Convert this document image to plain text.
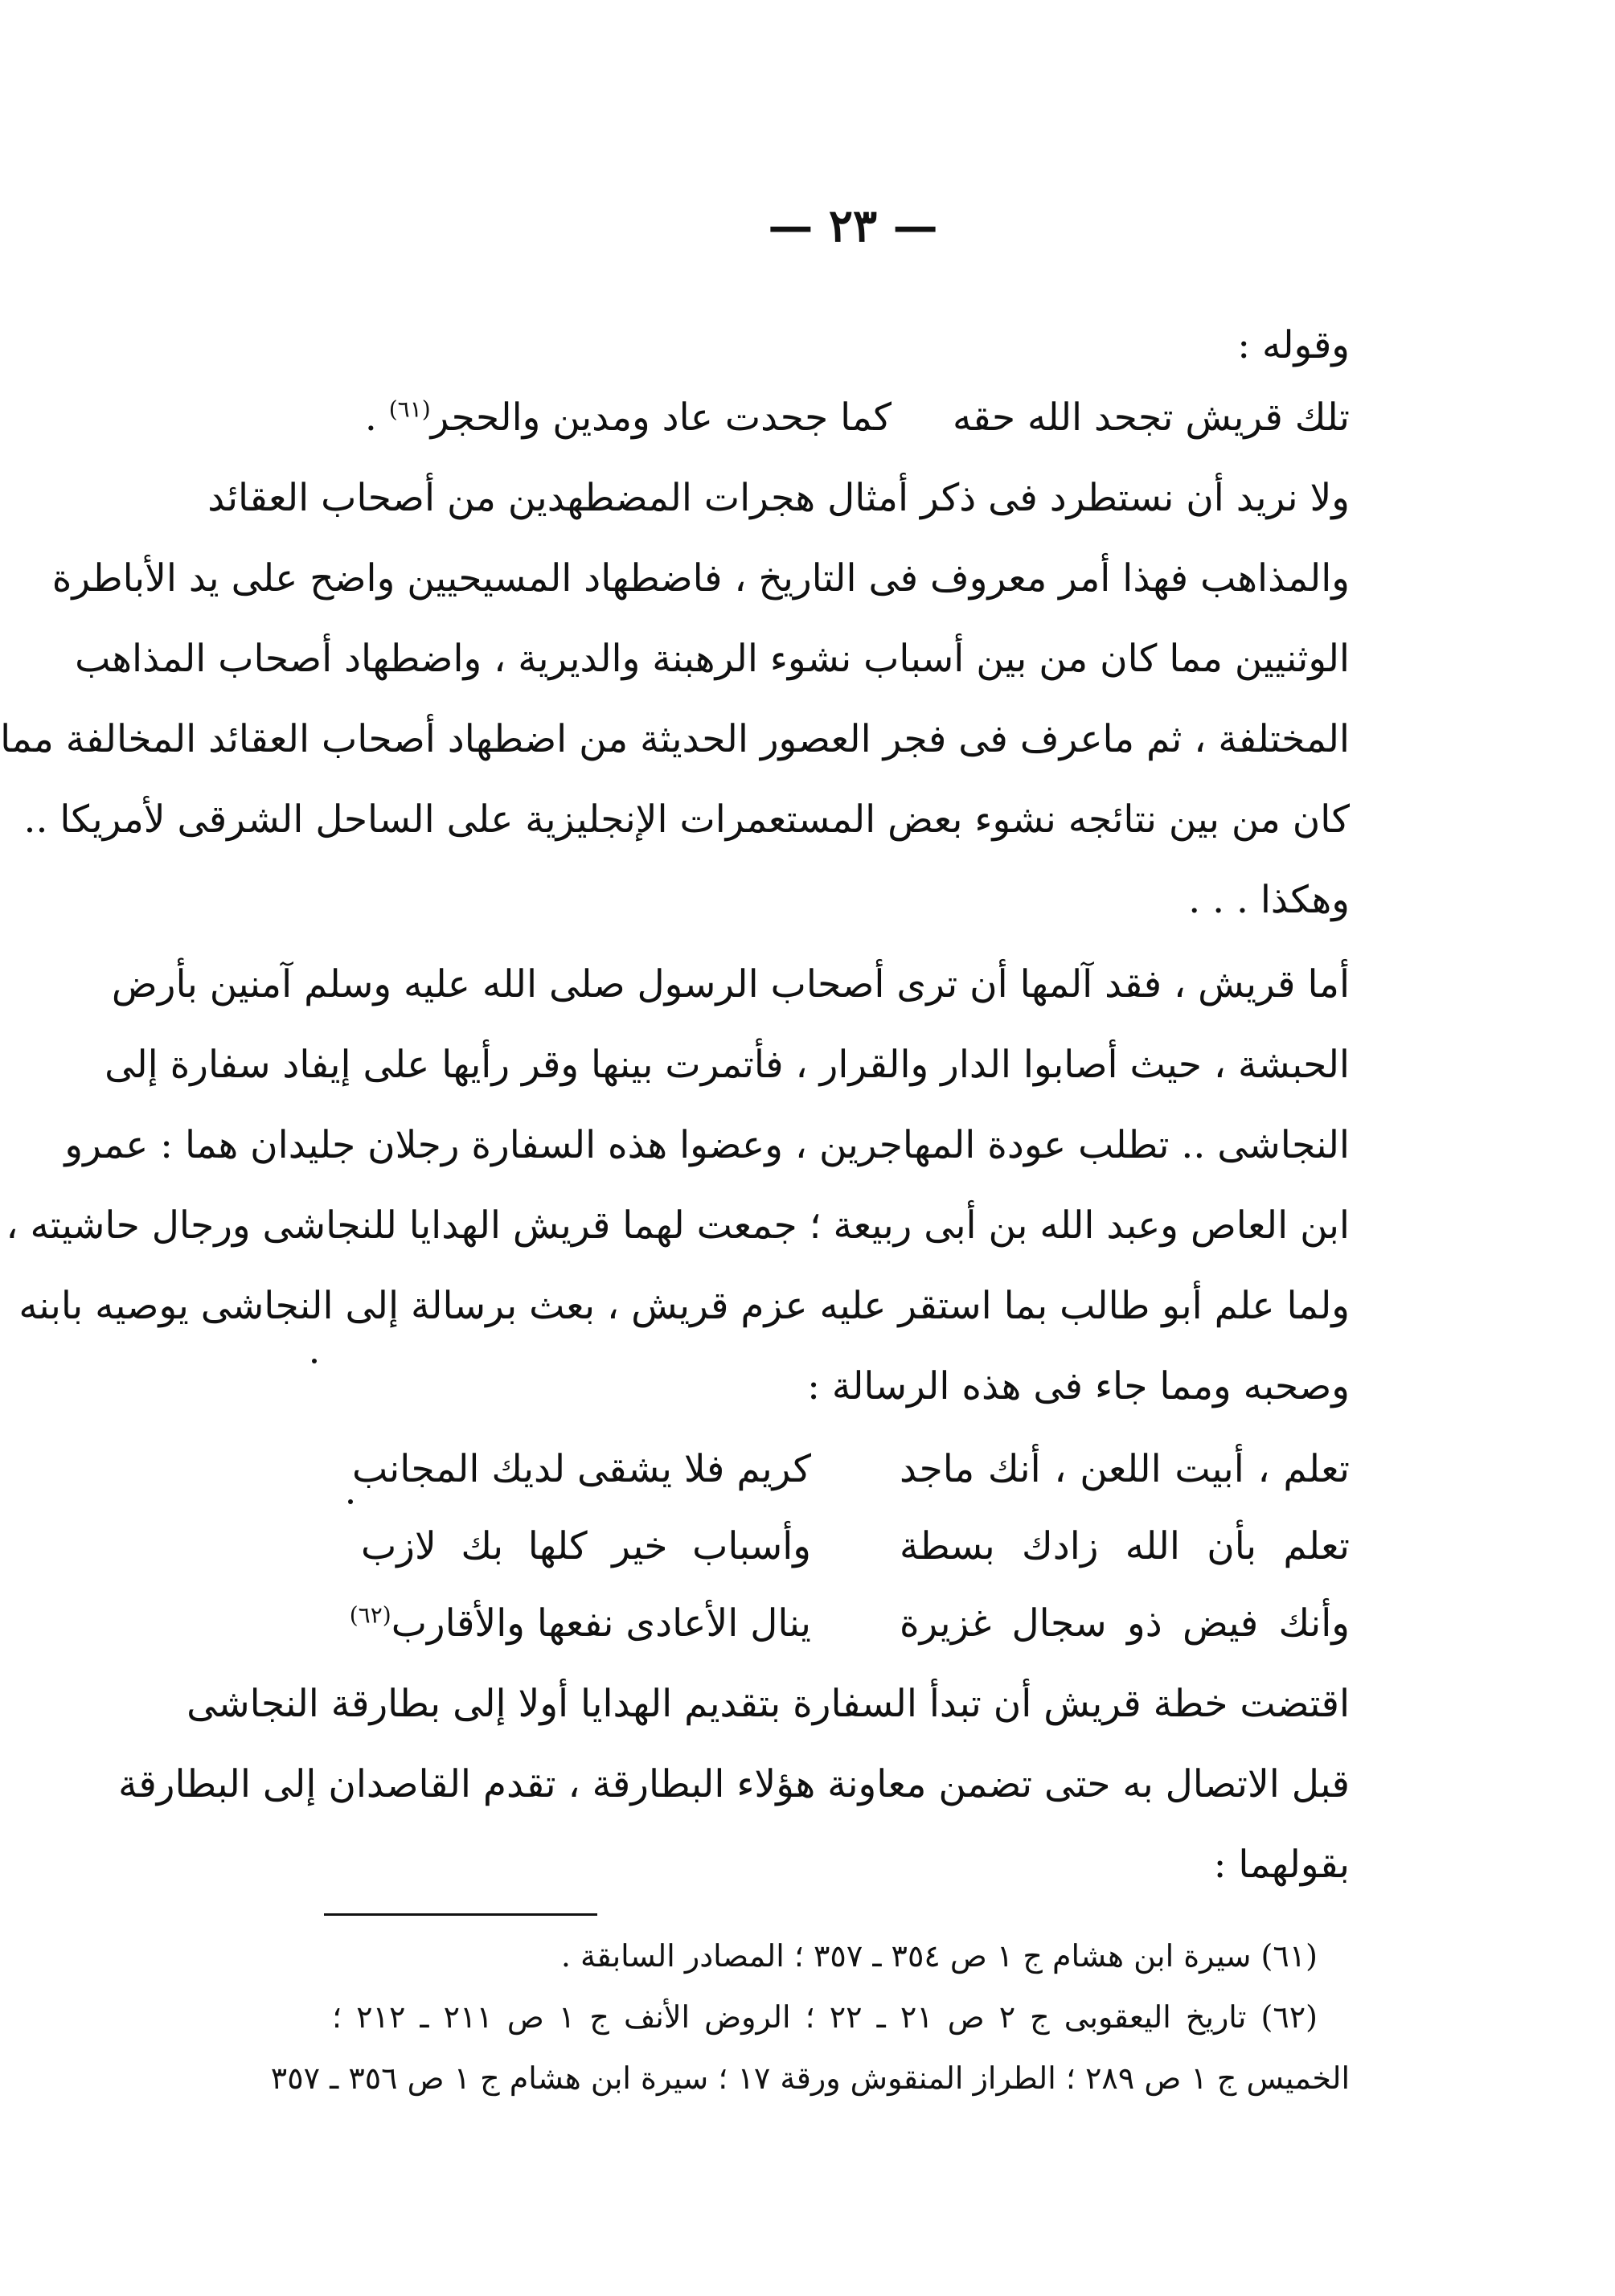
— ٢٣ —
وقوله :
تلك قريش تجحد الله حقه
كما جحدت عاد ومدين والحجر$^{(٦١)}$ .
ولا نريد أن نستطرد فى ذكر أمثال هجرات المضطهدين من أصحاب العقائد
والمذاهب فهذا أمر معروف فى التاريخ ، فاضطهاد المسيحيين واضح على يد الأباطرة
الوثنيين مما كان من بين أسباب نشوء الرهبنة والديرية ، واضطهاد أصحاب المذاهب
المختلفة ، ثم ماعرف فى فجر العصور الحديثة من اضطهاد أصحاب العقائد المخالفة مما
كان من بين نتائجه نشوء بعض المستعمرات الإنجليزية على الساحل الشرقى لأمريكا ..
وهكذا . . .
أما قريش ، فقد آلمها أن ترى أصحاب الرسول صلى الله عليه وسلم آمنين بأرض
الحبشة ، حيث أصابوا الدار والقرار ، فأتمرت بينها وقر رأيها على إيفاد سفارة إلى
النجاشى .. تطلب عودة المهاجرين ، وعضوا هذه السفارة رجلان جليدان هما : عمرو
ابن العاص وعبد الله بن أبى ربيعة ؛ جمعت لهما قريش الهدايا للنجاشى ورجال حاشيته ،
ولما علم أبو طالب بما استقر عليه عزم قريش ، بعث برسالة إلى النجاشى يوصيه بابنه
وصحبه ومما جاء فى هذه الرسالة :
تعلم ، أبيت اللعن ، أنك ماجد
كريم فلا يشقى لديك المجانب
تعلم بأن الله زادك بسطة
وأسباب خير كلها بك لازب
وأنك فيض ذو سجال غزيرة
ينال الأعادى نفعها والأقارب$^{(٦٢)}$
اقتضت خطة قريش أن تبدأ السفارة بتقديم الهدايا أولا إلى بطارقة النجاشى
قبل الاتصال به حتى تضمن معاونة هؤلاء البطارقة ، تقدم القاصدان إلى البطارقة
بقولهما :
(٦١) سيرة ابن هشام ج ١ ص ٣٥٤ ـ ٣٥٧ ؛ المصادر السابقة .
(٦٢) تاريخ اليعقوبى ج ٢ ص ٢١ ـ ٢٢ ؛ الروض الأنف ج ١ ص ٢١١ ـ ٢١٢ ؛
الخميس ج ١ ص ٢٨٩ ؛ الطراز المنقوش ورقة ١٧ ؛ سيرة ابن هشام ج ١ ص ٣٥٦ ـ ٣٥٧
